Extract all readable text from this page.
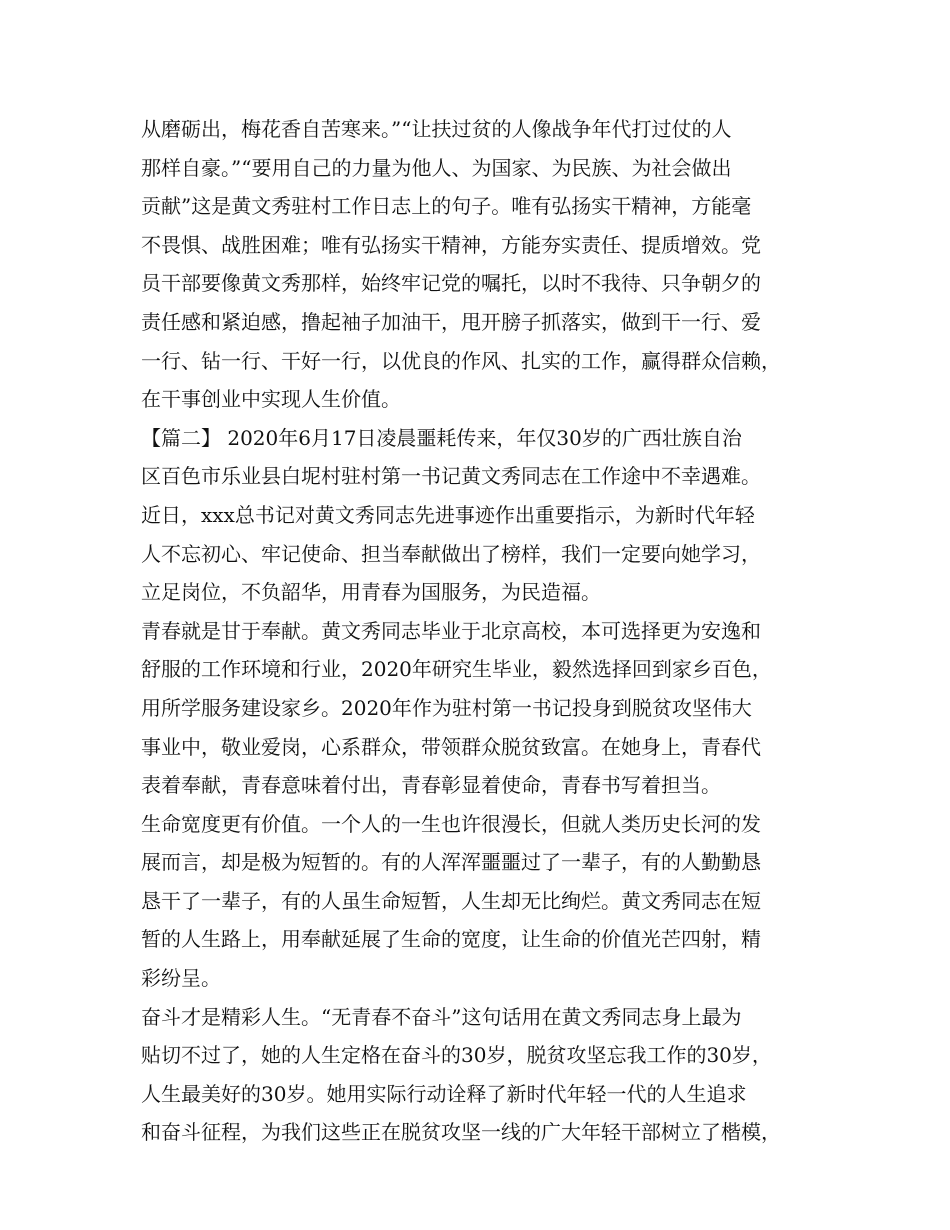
从磨砺出，梅花香自苦寒来。”“让扶过贫的人像战争年代打过仗的人
那样自豪。”“要用自己的力量为他人、为国家、为民族、为社会做出
贡献”这是黄文秀驻村工作日志上的句子。唯有弘扬实干精神，方能毫
不畏惧、战胜困难；唯有弘扬实干精神，方能夯实责任、提质增效。党
员干部要像黄文秀那样，始终牢记党的嘱托，以时不我待、只争朝夕的
责任感和紧迫感，撸起袖子加油干，甩开膀子抓落实，做到干一行、爱
一行、钻一行、干好一行，以优良的作风、扎实的工作，赢得群众信赖，
在干事创业中实现人生价值。
【篇二】 2020年6月17日凌晨噩耗传来，年仅30岁的广西壮族自治
区百色市乐业县白坭村驻村第一书记黄文秀同志在工作途中不幸遇难。
近日，xxx总书记对黄文秀同志先进事迹作出重要指示，为新时代年轻
人不忘初心、牢记使命、担当奉献做出了榜样，我们一定要向她学习，
立足岗位，不负韶华，用青春为国服务，为民造福。
青春就是甘于奉献。黄文秀同志毕业于北京高校，本可选择更为安逸和
舒服的工作环境和行业，2020年研究生毕业，毅然选择回到家乡百色，
用所学服务建设家乡。2020年作为驻村第一书记投身到脱贫攻坚伟大
事业中，敬业爱岗，心系群众，带领群众脱贫致富。在她身上，青春代
表着奉献，青春意味着付出，青春彰显着使命，青春书写着担当。
生命宽度更有价值。一个人的一生也许很漫长，但就人类历史长河的发
展而言，却是极为短暂的。有的人浑浑噩噩过了一辈子，有的人勤勤恳
恳干了一辈子，有的人虽生命短暂，人生却无比绚烂。黄文秀同志在短
暂的人生路上，用奉献延展了生命的宽度，让生命的价值光芒四射，精
彩纷呈。
奋斗才是精彩人生。“无青春不奋斗”这句话用在黄文秀同志身上最为
贴切不过了，她的人生定格在奋斗的30岁，脱贫攻坚忘我工作的30岁，
人生最美好的30岁。她用实际行动诠释了新时代年轻一代的人生追求
和奋斗征程，为我们这些正在脱贫攻坚一线的广大年轻干部树立了楷模，
